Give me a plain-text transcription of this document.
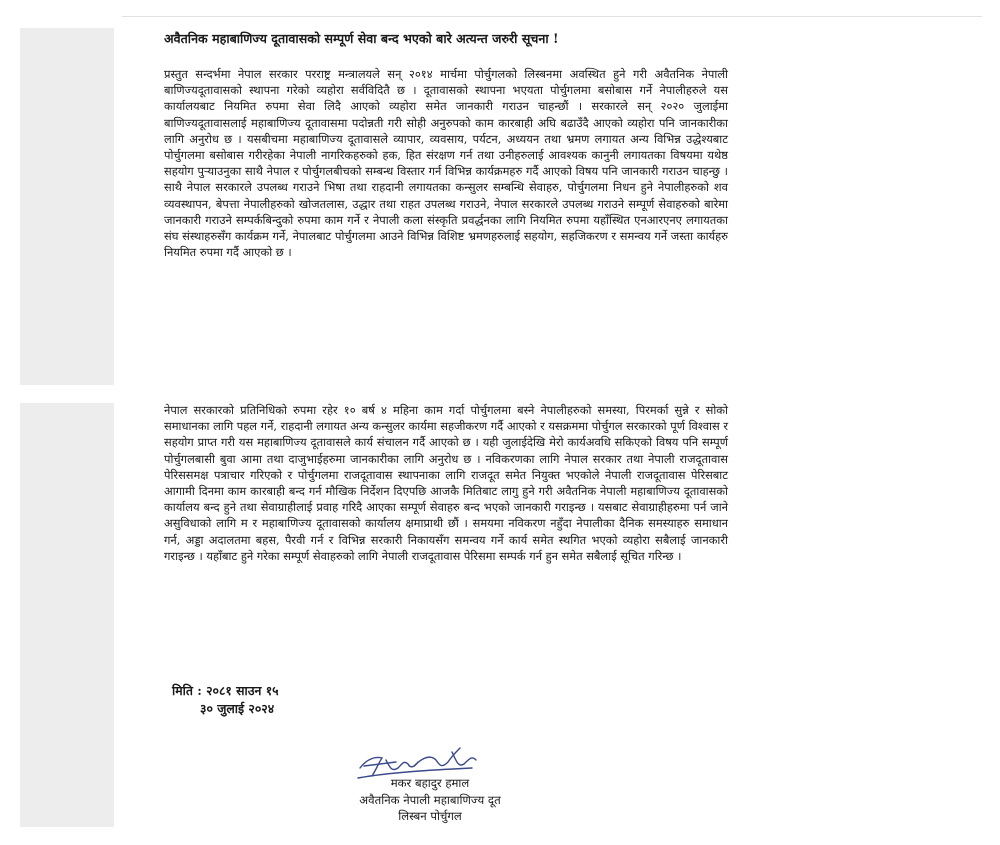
अवैतनिक महाबाणिज्य दूतावासको सम्पूर्ण सेवा बन्द भएको बारे अत्यन्त जरुरी सूचना !

प्रस्तुत सन्दर्भमा नेपाल सरकार परराष्ट्र मन्त्रालयले सन् २०१४ मार्चमा पोर्चुगलको लिस्बनमा अवस्थित हुने गरी अवैतनिक नेपाली बाणिज्यदूतावासको स्थापना गरेको व्यहोरा सर्वविदितै छ । दूतावासको स्थापना भएयता पोर्चुगलमा बसोबास गर्ने नेपालीहरुले यस कार्यालयबाट नियमित रुपमा सेवा लिदै आएको व्यहोरा समेत जानकारी गराउन चाहन्छौं । सरकारले सन् २०२० जुलाईमा बाणिज्यदूतावासलाई महाबाणिज्य दूतावासमा पदोन्नती गरी सोही अनुरुपको काम कारबाही अघि बढाउँदै आएको व्यहोरा पनि जानकारीका लागि अनुरोध छ । यसबीचमा महाबाणिज्य दूतावासले व्यापार, व्यवसाय, पर्यटन, अध्ययन तथा भ्रमण लगायत अन्य विभिन्न उद्धेश्यबाट पोर्चुगलमा बसोबास गरीरहेका नेपाली नागरिकहरुको हक, हित संरक्षण गर्न तथा उनीहरुलाई आवश्यक कानुनी लगायतका विषयमा यथेष्ठ सहयोग पुऱ्याउनुका साथै नेपाल र पोर्चुगलबीचको सम्बन्ध विस्तार गर्न विभिन्न कार्यक्रमहरु गर्दै आएको विषय पनि जानकारी गराउन चाहन्छु । साथै नेपाल सरकारले उपलब्ध गराउने भिषा तथा राहदानी लगायतका कन्सुलर सम्बन्धि सेवाहरु, पोर्चुगलमा निधन हुने नेपालीहरुको शव व्यवस्थापन, बेपत्ता नेपालीहरुको खोजतलास, उद्धार तथा राहत उपलब्ध गराउने, नेपाल सरकारले उपलब्ध गराउने सम्पूर्ण सेवाहरुको बारेमा जानकारी गराउने सम्पर्कबिन्दुको रुपमा काम गर्ने र नेपाली कला संस्कृति प्रवर्द्धनका लागि नियमित रुपमा यहाँस्थित एनआरएनए लगायतका संघ संस्थाहरुसँग कार्यक्रम गर्ने, नेपालबाट पोर्चुगलमा आउने विभिन्न विशिष्ट भ्रमणहरुलाई सहयोग, सहजिकरण र समन्वय गर्ने जस्ता कार्यहरु नियमित रुपमा गर्दै आएको छ ।

नेपाल सरकारको प्रतिनिधिको रुपमा रहेर १० बर्ष ४ महिना काम गर्दा पोर्चुगलमा बस्ने नेपालीहरुको समस्या, पिरमर्का सुन्ने र सोको समाधानका लागि पहल गर्ने, राहदानी लगायत अन्य कन्सुलर कार्यमा सहजीकरण गर्दै आएको र यसक्रममा पोर्चुगल सरकारको पूर्ण विश्वास र सहयोग प्राप्त गरी यस महाबाणिज्य दूतावासले कार्य संचालन गर्दै आएको छ । यही जुलाईदेखि मेरो कार्यअवधि सकिएको विषय पनि सम्पूर्ण पोर्चुगलबासी बुवा आमा तथा दाजुभाईहरुमा जानकारीका लागि अनुरोध छ । नविकरणका लागि नेपाल सरकार तथा नेपाली राजदूतावास पेरिससमक्ष पत्राचार गरिएको र पोर्चुगलमा राजदूतावास स्थापनाका लागि राजदूत समेत नियुक्त भएकोले नेपाली राजदूतावास पेरिसबाट आगामी दिनमा काम कारबाही बन्द गर्न मौखिक निर्देशन दिएपछि आजकै मितिबाट लागु हुने गरी अवैतनिक नेपाली महाबाणिज्य दूतावासको कार्यालय बन्द हुने तथा सेवाग्राहीलाई प्रवाह गरिदै आएका सम्पूर्ण सेवाहरु बन्द भएको जानकारी गराइन्छ । यसबाट सेवाग्राहीहरुमा पर्न जाने असुविधाको लागि म र महाबाणिज्य दूतावासको कार्यालय क्षमाप्राथी छौं । समयमा नविकरण नहुँदा नेपालीका दैनिक समस्याहरु समाधान गर्न, अड्डा अदालतमा बहस, पैरवी गर्न र विभिन्न सरकारी निकायसँग समन्वय गर्ने कार्य समेत स्थगित भएको व्यहोरा सबैलाई जानकारी गराइन्छ । यहाँबाट हुने गरेका सम्पूर्ण सेवाहरुको लागि नेपाली राजदूतावास पेरिसमा सम्पर्क गर्न हुन समेत सबैलाई सूचित गरिन्छ ।

मिति : २०८१ साउन १५
३० जुलाई २०२४
मकर बहादुर हमाल
अवैतनिक नेपाली महाबाणिज्य दूत
लिस्बन पोर्चुगल
